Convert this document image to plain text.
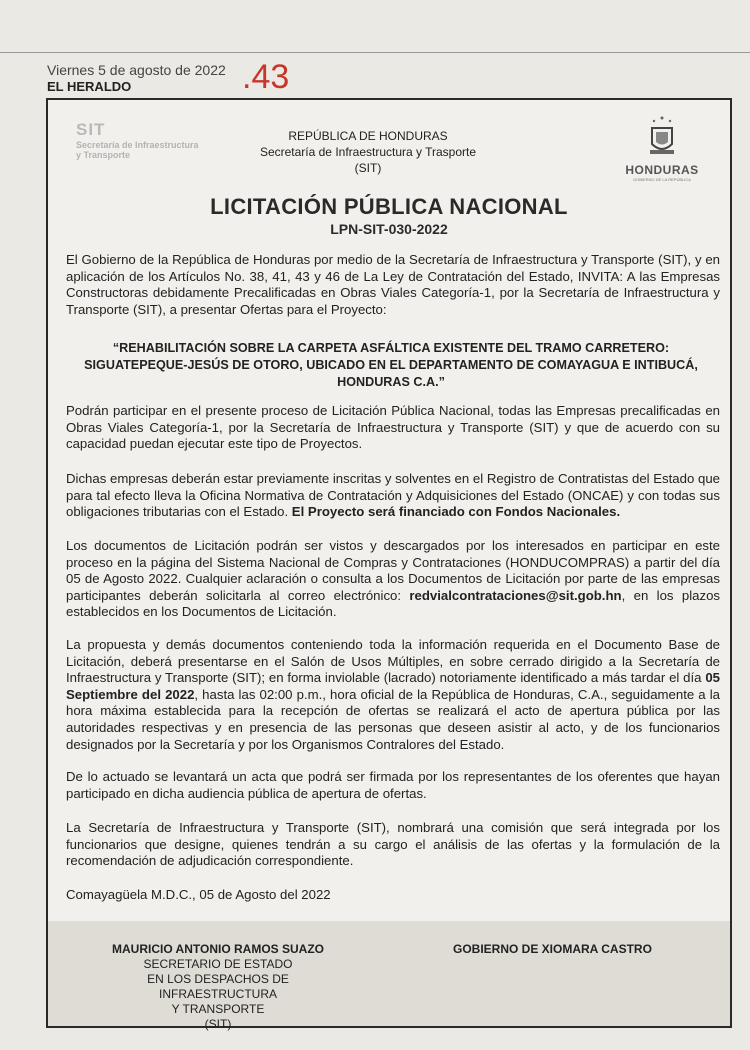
Viernes 5 de agosto de 2022
EL HERALDO	.43
SIT
Secretaría de Infraestructura
y Transporte
REPÚBLICA DE HONDURAS
Secretaría de Infraestructura y Trasporte
(SIT)	HONDURAS
GOBIERNO DE LA REPÚBLICA
LICITACIÓN PÚBLICA NACIONAL
LPN-SIT-030-2022
El Gobierno de la República de Honduras por medio de la Secretaría de Infraestructura y Transporte (SIT), y en aplicación de los Artículos No. 38, 41, 43 y 46 de La Ley de Contratación del Estado, INVITA: A las Empresas Constructoras debidamente Precalificadas en Obras Viales Categoría-1, por la Secretaría de Infraestructura y Transporte (SIT), a presentar Ofertas para el Proyecto:
“REHABILITACIÓN SOBRE LA CARPETA ASFÁLTICA EXISTENTE DEL TRAMO CARRETERO: SIGUATEPEQUE-JESÚS DE OTORO, UBICADO EN EL DEPARTAMENTO DE COMAYAGUA E INTIBUCÁ, HONDURAS C.A.”
Podrán participar en el presente proceso de Licitación Pública Nacional, todas las Empresas precalificadas en Obras Viales Categoría-1, por la Secretaría de Infraestructura y Transporte (SIT) y que de acuerdo con su capacidad puedan ejecutar este tipo de Proyectos.
Dichas empresas deberán estar previamente inscritas y solventes en el Registro de Contratistas del Estado que para tal efecto lleva la Oficina Normativa de Contratación y Adquisiciones del Estado (ONCAE) y con todas sus obligaciones tributarias con el Estado. El Proyecto será financiado con Fondos Nacionales.
Los documentos de Licitación podrán ser vistos y descargados por los interesados en participar en este proceso en la página del Sistema Nacional de Compras y Contrataciones (HONDUCOMPRAS) a partir del día 05 de Agosto 2022. Cualquier aclaración o consulta a los Documentos de Licitación por parte de las empresas participantes deberán solicitarla al correo electrónico: redvialcontrataciones@sit.gob.hn, en los plazos establecidos en los Documentos de Licitación.
La propuesta y demás documentos conteniendo toda la información requerida en el Documento Base de Licitación, deberá presentarse en el Salón de Usos Múltiples, en sobre cerrado dirigido a la Secretaría de Infraestructura y Transporte (SIT); en forma inviolable (lacrado) notoriamente identificado a más tardar el día 05 Septiembre del 2022, hasta las 02:00 p.m., hora oficial de la República de Honduras, C.A., seguidamente a la hora máxima establecida para la recepción de ofertas se realizará el acto de apertura pública por las autoridades respectivas y en presencia de las personas que deseen asistir al acto, y de los funcionarios designados por la Secretaría y por los Organismos Contralores del Estado.
De lo actuado se levantará un acta que podrá ser firmada por los representantes de los oferentes que hayan participado en dicha audiencia pública de apertura de ofertas.
La Secretaría de Infraestructura y Transporte (SIT), nombrará una comisión que será integrada por los funcionarios que designe, quienes tendrán a su cargo el análisis de las ofertas y la formulación de la recomendación de adjudicación correspondiente.
Comayagüela M.D.C., 05 de Agosto del 2022
MAURICIO ANTONIO RAMOS SUAZO
SECRETARIO DE ESTADO
EN LOS DESPACHOS DE INFRAESTRUCTURA
Y TRANSPORTE
(SIT)
GOBIERNO DE XIOMARA CASTRO
